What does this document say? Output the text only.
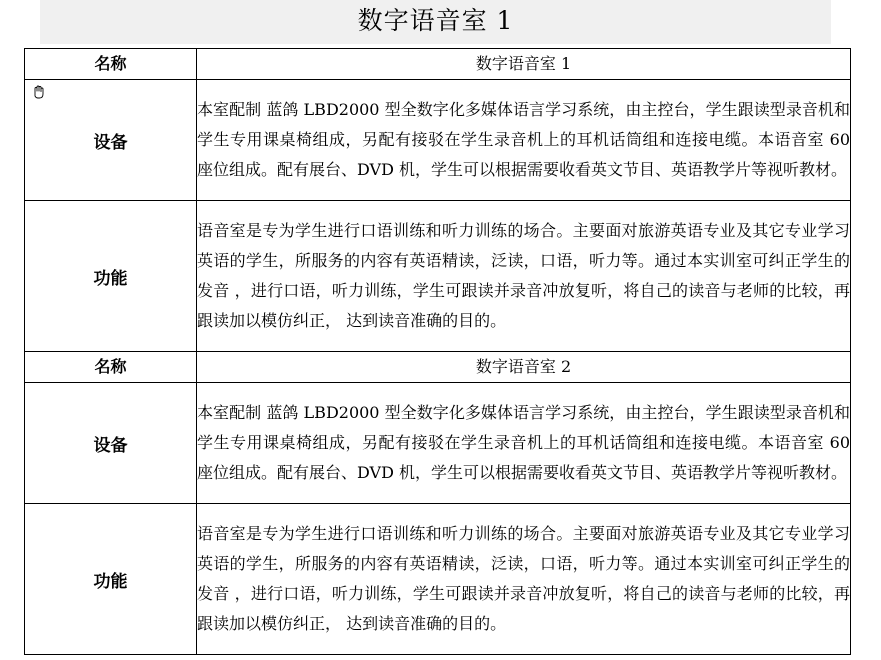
数字语音室 1
名称	数字语音室 1

设备	本室配制 蓝鸽 LBD2000 型全数字化多媒体语言学习系统，由主控台，学生跟读型录音机和学生专用课桌椅组成，另配有接驳在学生录音机上的耳机话筒组和连接电缆。本语音室 60 座位组成。配有展台、DVD 机，学生可以根据需要收看英文节目、英语教学片等视听教材。
功能	语音室是专为学生进行口语训练和听力训练的场合。主要面对旅游英语专业及其它专业学习英语的学生，所服务的内容有英语精读，泛读，口语，听力等。通过本实训室可纠正学生的发音 ，进行口语，听力训练，学生可跟读并录音冲放复听，将自己的读音与老师的比较，再跟读加以模仿纠正， 达到读音准确的目的。
名称	数字语音室 2
设备	本室配制 蓝鸽 LBD2000 型全数字化多媒体语言学习系统，由主控台，学生跟读型录音机和学生专用课桌椅组成，另配有接驳在学生录音机上的耳机话筒组和连接电缆。本语音室 60 座位组成。配有展台、DVD 机，学生可以根据需要收看英文节目、英语教学片等视听教材。
功能	语音室是专为学生进行口语训练和听力训练的场合。主要面对旅游英语专业及其它专业学习英语的学生，所服务的内容有英语精读，泛读，口语，听力等。通过本实训室可纠正学生的发音 ，进行口语，听力训练，学生可跟读并录音冲放复听，将自己的读音与老师的比较，再跟读加以模仿纠正， 达到读音准确的目的。
